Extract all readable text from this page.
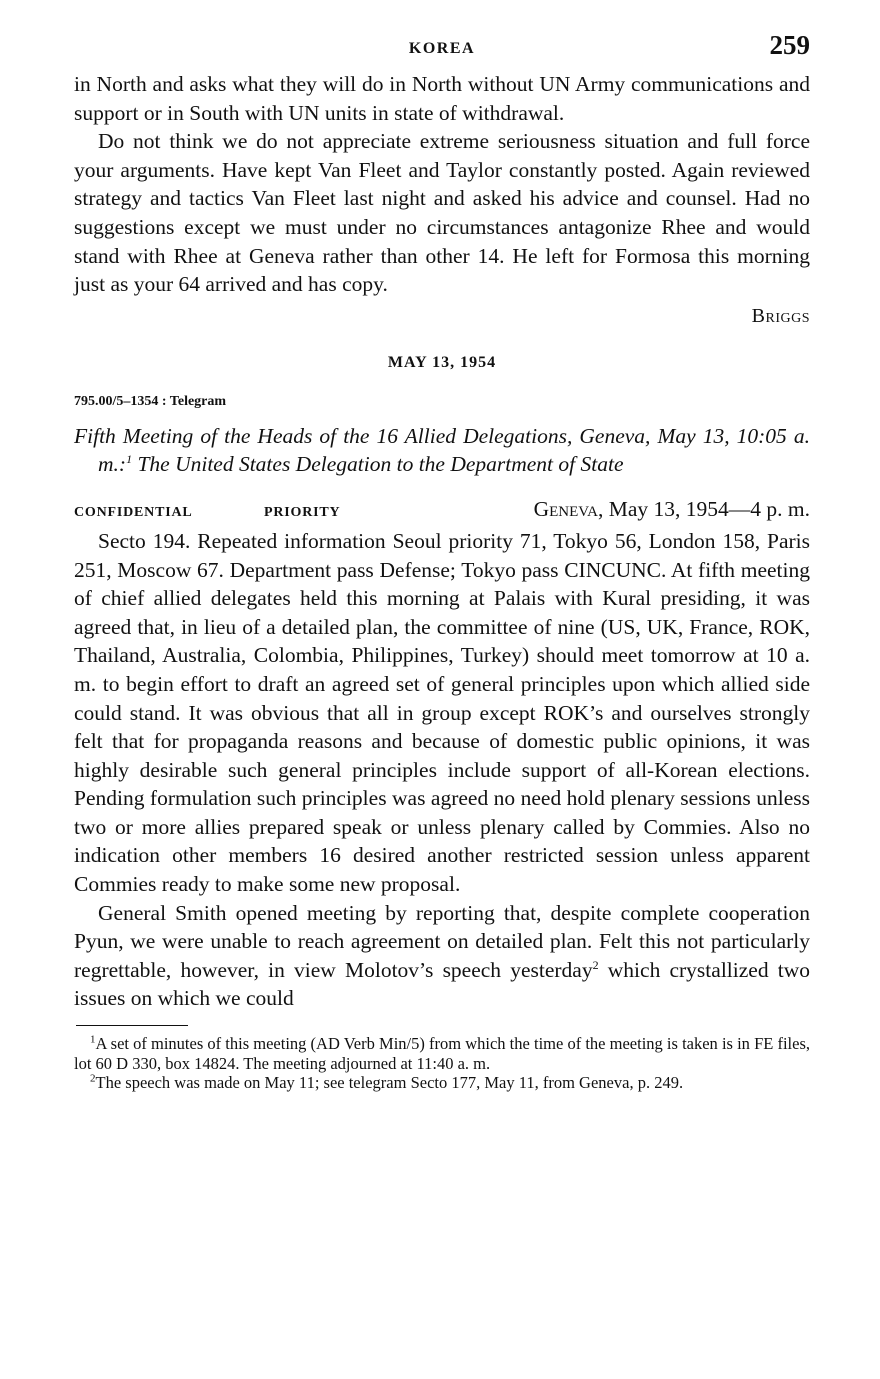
KOREA	259

in North and asks what they will do in North without UN Army communications and support or in South with UN units in state of withdrawal.

Do not think we do not appreciate extreme seriousness situation and full force your arguments. Have kept Van Fleet and Taylor constantly posted. Again reviewed strategy and tactics Van Fleet last night and asked his advice and counsel. Had no suggestions except we must under no circumstances antagonize Rhee and would stand with Rhee at Geneva rather than other 14. He left for Formosa this morning just as your 64 arrived and has copy.

Briggs
MAY 13, 1954
795.00/5–1354 : Telegram
Fifth Meeting of the Heads of the 16 Allied Delegations, Geneva, May 13, 10:05 a. m.:$^1$ The United States Delegation to the Department of State
CONFIDENTIAL	PRIORITY	Geneva, May 13, 1954—4 p. m.

Secto 194. Repeated information Seoul priority 71, Tokyo 56, London 158, Paris 251, Moscow 67. Department pass Defense; Tokyo pass CINCUNC. At fifth meeting of chief allied delegates held this morning at Palais with Kural presiding, it was agreed that, in lieu of a detailed plan, the committee of nine (US, UK, France, ROK, Thailand, Australia, Colombia, Philippines, Turkey) should meet tomorrow at 10 a. m. to begin effort to draft an agreed set of general principles upon which allied side could stand. It was obvious that all in group except ROK’s and ourselves strongly felt that for propaganda reasons and because of domestic public opinions, it was highly desirable such general principles include support of all-Korean elections. Pending formulation such principles was agreed no need hold plenary sessions unless two or more allies prepared speak or unless plenary called by Commies. Also no indication other members 16 desired another restricted session unless apparent Commies ready to make some new proposal.

General Smith opened meeting by reporting that, despite complete cooperation Pyun, we were unable to reach agreement on detailed plan. Felt this not particularly regrettable, however, in view Molotov’s speech yesterday$^2$ which crystallized two issues on which we could

$^1$A set of minutes of this meeting (AD Verb Min/5) from which the time of the meeting is taken is in FE files, lot 60 D 330, box 14824. The meeting adjourned at 11:40 a. m.

$^2$The speech was made on May 11; see telegram Secto 177, May 11, from Geneva, p. 249.
